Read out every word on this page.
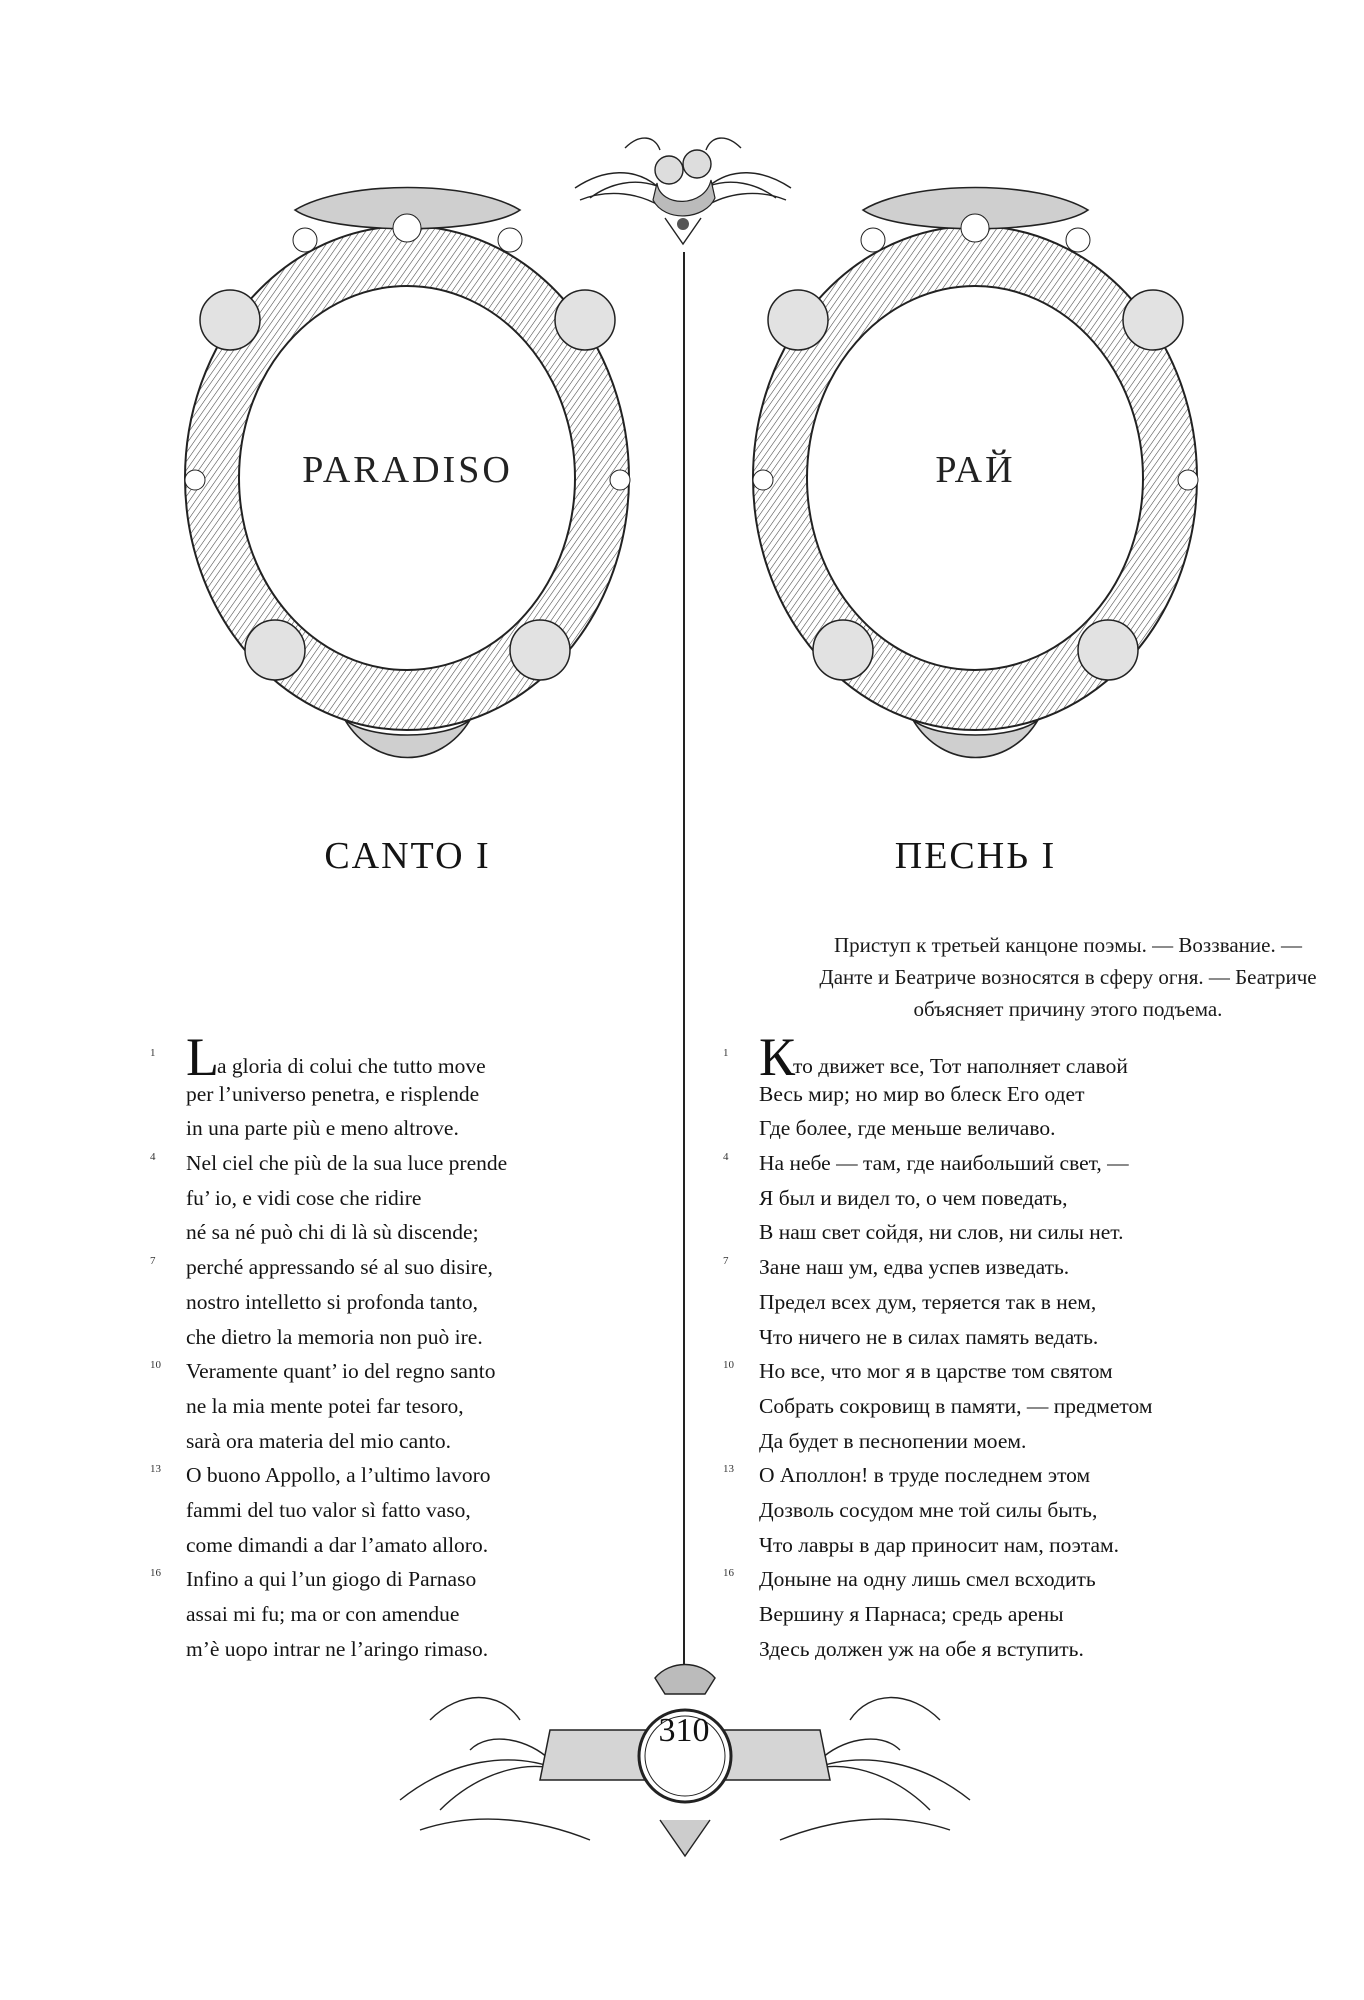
PARADISO	РАЙ
CANTO I	ПЕСНЬ I
Приступ к третьей канцоне поэмы. — Воззвание. —
Данте и Беатриче возносятся в сферу огня. — Беатриче
объясняет причину этого подъема.
1 La gloria di colui che tutto move
per l’universo penetra, e risplende
in una parte più e meno altrove.
4 Nel ciel che più de la sua luce prende
fu’ io, e vidi cose che ridire
né sa né può chi di là sù discende;
7 perché appressando sé al suo disire,
nostro intelletto si profonda tanto,
che dietro la memoria non può ire.
10 Veramente quant’ io del regno santo
ne la mia mente potei far tesoro,
sarà ora materia del mio canto.
13 O buono Appollo, a l’ultimo lavoro
fammi del tuo valor sì fatto vaso,
come dimandi a dar l’amato alloro.
16 Infino a qui l’un giogo di Parnaso
assai mi fu; ma or con amendue
m’è uopo intrar ne l’aringo rimaso.
1 Кто движет все, Тот наполняет славой
Весь мир; но мир во блеск Его одет
Где более, где меньше величаво.
4 На небе — там, где наибольший свет, —
Я был и видел то, о чем поведать,
В наш свет сойдя, ни слов, ни силы нет.
7 Зане наш ум, едва успев изведать.
Предел всех дум, теряется так в нем,
Что ничего не в силах память ведать.
10 Но все, что мог я в царстве том святом
Собрать сокровищ в памяти, — предметом
Да будет в песнопении моем.
13 О Аполлон! в труде последнем этом
Дозволь сосудом мне той силы быть,
Что лавры в дар приносит нам, поэтам.
16 Доныне на одну лишь смел всходить
Вершину я Парнаса; средь арены
Здесь должен уж на обе я вступить.
310
